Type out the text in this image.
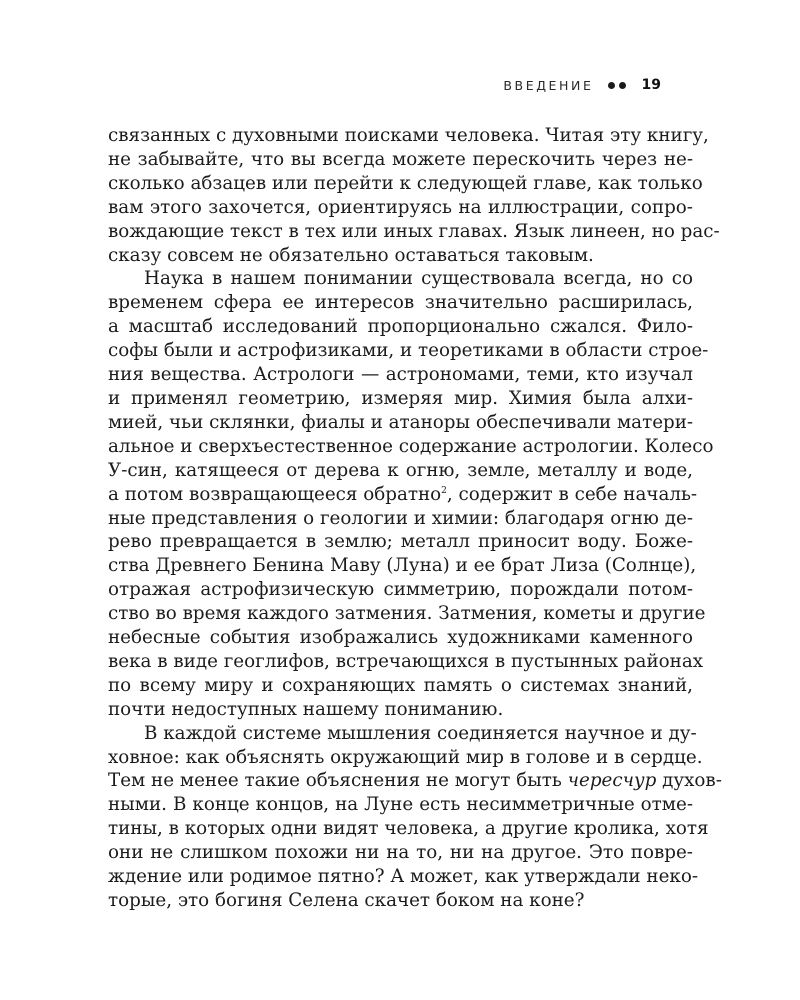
ВВЕДЕНИЕ	19
связанных с духовными поисками человека. Читая эту книгу,
не забывайте, что вы всегда можете перескочить через не-
сколько абзацев или перейти к следующей главе, как только
вам этого захочется, ориентируясь на иллюстрации, сопро-
вождающие текст в тех или иных главах. Язык линеен, но рас-
сказу совсем не обязательно оставаться таковым.
Наука в нашем понимании существовала всегда, но со
временем сфера ее интересов значительно расширилась,
а масштаб исследований пропорционально сжался. Фило-
софы были и астрофизиками, и теоретиками в области строе-
ния вещества. Астрологи — астрономами, теми, кто изучал
и применял геометрию, измеряя мир. Химия была алхи-
мией, чьи склянки, фиалы и атаноры обеспечивали матери-
альное и сверхъестественное содержание астрологии. Колесо
У-син, катящееся от дерева к огню, земле, металлу и воде,
а потом возвращающееся обратно$^2$, содержит в себе началь-
ные представления о геологии и химии: благодаря огню де-
рево превращается в землю; металл приносит воду. Боже-
ства Древнего Бенина Маву (Луна) и ее брат Лиза (Солнце),
отражая астрофизическую симметрию, порождали потом-
ство во время каждого затмения. Затмения, кометы и другие
небесные события изображались художниками каменного
века в виде геоглифов, встречающихся в пустынных районах
по всему миру и сохраняющих память о системах знаний,
почти недоступных нашему пониманию.
В каждой системе мышления соединяется научное и ду-
ховное: как объяснять окружающий мир в голове и в сердце.
Тем не менее такие объяснения не могут быть чересчур духов-
ными. В конце концов, на Луне есть несимметричные отме-
тины, в которых одни видят человека, а другие кролика, хотя
они не слишком похожи ни на то, ни на другое. Это повре-
ждение или родимое пятно? А может, как утверждали неко-
торые, это богиня Селена скачет боком на коне?
